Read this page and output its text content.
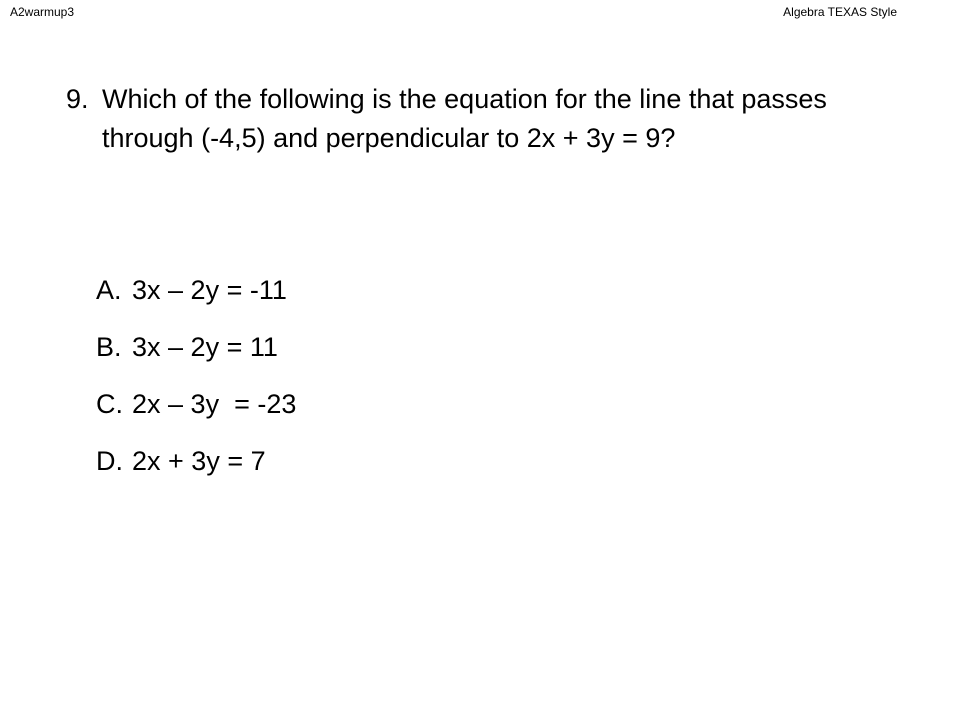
A2warmup3	Algebra TEXAS Style
9. Which of the following is the equation for the line that passes through (-4,5) and perpendicular to 2x + 3y = 9?

A. 3x – 2y = -11

B. 3x – 2y = 11

C. 2x – 3y  = -23

D. 2x + 3y = 7
